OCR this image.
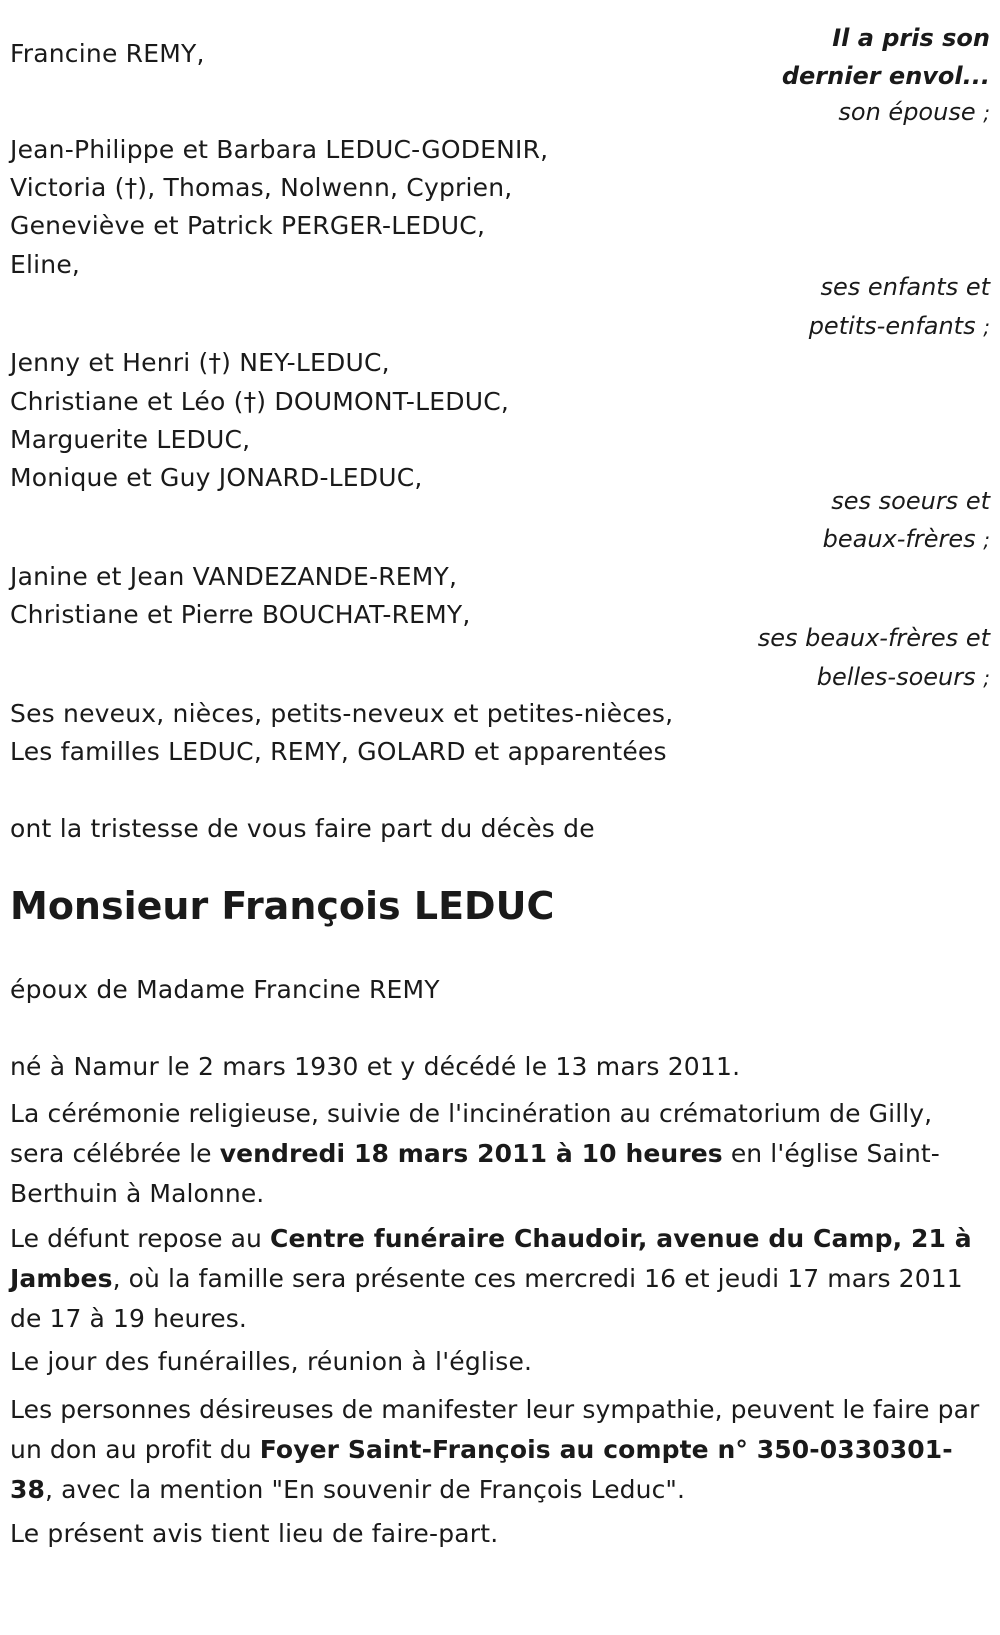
Il a pris son
dernier envol...
Francine REMY,
son épouse ;
Jean-Philippe et Barbara LEDUC-GODENIR,
Victoria (†), Thomas, Nolwenn, Cyprien,
Geneviève et Patrick PERGER-LEDUC,
Eline,
ses enfants et
petits-enfants ;
Jenny et Henri (†) NEY-LEDUC,
Christiane et Léo (†) DOUMONT-LEDUC,
Marguerite LEDUC,
Monique et Guy JONARD-LEDUC,
ses soeurs et
beaux-frères ;
Janine et Jean VANDEZANDE-REMY,
Christiane et Pierre BOUCHAT-REMY,
ses beaux-frères et
belles-soeurs ;
Ses neveux, nièces, petits-neveux et petites-nièces,
Les familles LEDUC, REMY, GOLARD et apparentées
ont la tristesse de vous faire part du décès de
Monsieur François LEDUC
époux de Madame Francine REMY
né à Namur le 2 mars 1930 et y décédé le 13 mars 2011.
La cérémonie religieuse, suivie de l'incinération au crématorium de Gilly, sera célébrée le vendredi 18 mars 2011 à 10 heures en l'église Saint-Berthuin à Malonne.
Le défunt repose au Centre funéraire Chaudoir, avenue du Camp, 21 à Jambes, où la famille sera présente ces mercredi 16 et jeudi 17 mars 2011 de 17 à 19 heures.
Le jour des funérailles, réunion à l'église.
Les personnes désireuses de manifester leur sympathie, peuvent le faire par un don au profit du Foyer Saint-François au compte n° 350-0330301-38, avec la mention "En souvenir de François Leduc".
Le présent avis tient lieu de faire-part.
